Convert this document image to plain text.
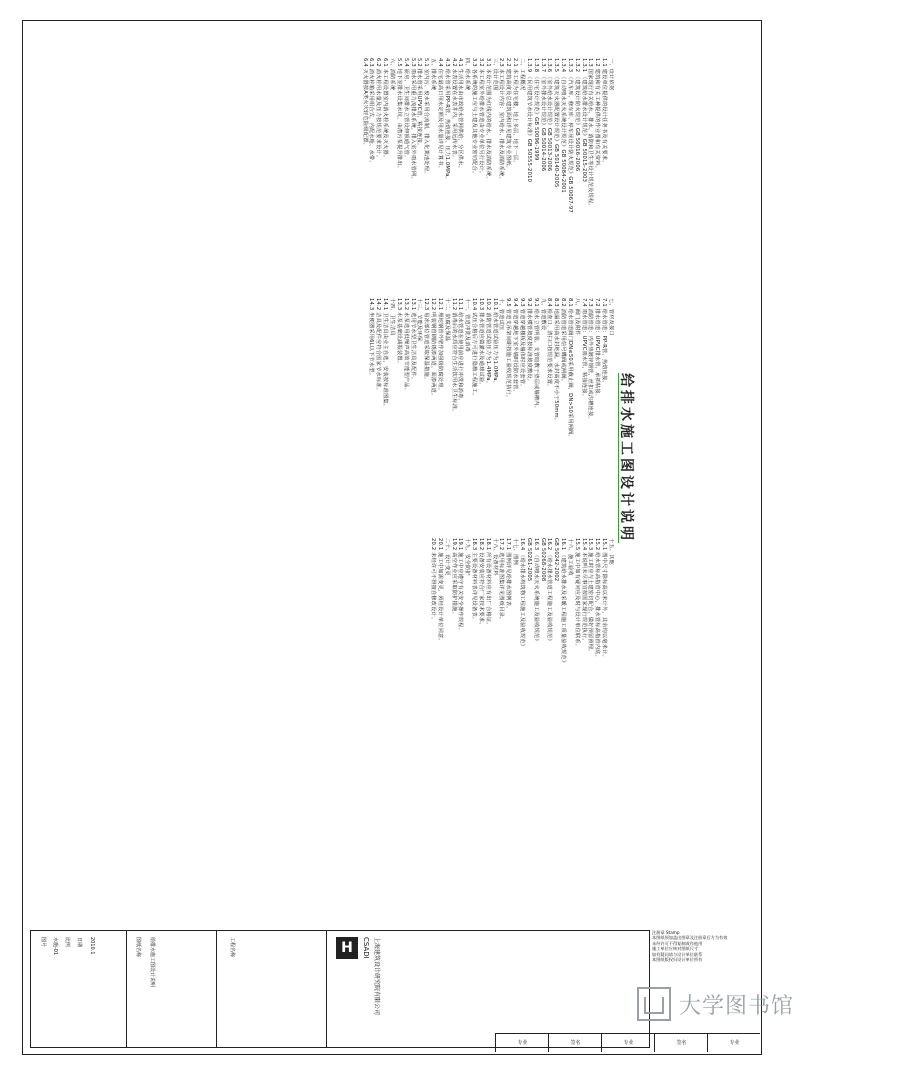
给排水施工图设计说明

一、设计依据

1.1 建设单位提供的设计任务书及有关要求。

1.2 建筑和有关工种提供的作业图和有关资料。

1.3 国家现行有关给水、排水、消防和卫生等设计规范及规程。

1.3.1 《建筑给水排水设计规范》GB 50015-2003

1.3.2 《建筑设计防火规范》GB 50016-2006

1.3.3 《汽车库、修车库、停车场设计防火规范》GB 50067-97

1.3.4 《自动喷水灭火系统设计规范》GB 50084-2001

1.3.5 《建筑灭火器配置设计规范》GB 50140-2005

1.3.6 《室外给水设计规范》GB 50013-2006

1.3.7 《室外排水设计规范》GB 50014-2006

1.3.8 《住宅设计规范》GB 50096-1999

1.3.9 《民用建筑节水设计标准》GB 50555-2010

二、工程概况

2.1 本工程为住宅楼，地上多层，地下一层。

2.2 建筑高度及总建筑面积详见建筑专业图纸。

2.3 本工程设计内容：室内给水、排水及消防系统。

三、设计范围

3.1 本设计范围为红线内的给水、排水及消防系统。

3.2 本工程室外给排水管道由专业单位另行设计。

3.3 各系统的施工应与土建及其他专业密切配合。

四、给水系统

4.1 生活用水由市政给水管网供给，分区供水。

4.2 水表设置在水表井内，采用远传水表。

4.3 给水管采用PP-R管，热熔连接，压力1.0MPa。

4.4 住宅最高日用水定额及用水量详见计算书。

五、排水系统

5.1 室内污、废水采用合流制，排入化粪池处理。

5.2 排水管采用UPVC管，粘接连接。

5.3 雨水采用重力流排水系统，排入室外雨水管网。

5.4 厨房、卫生间排水立管设伸顶通气管。

5.5 地下室排水设集水坑，由潜污泵提升排出。

六、消防系统

6.1 本工程设置室内消火栓系统及灭火器。

6.2 消火栓用水量及压力按规范要求设计。

6.3 消火栓箱采用组合式，内配水枪、水带。

6.4 灭火器按A类火灾轻危险级配置。

七、管材及接口

7.1 给水管道：PP-R管，热熔连接。

7.2 排水管道：UPVC排水管，承插粘接。

7.3 消防管道：内外热镀锌钢管，丝扣或沟槽连接。

7.4 雨水管道：UPVC雨水管，粘接连接。

八、阀门及附件

8.1 给水管道阀门DN≤50采用截止阀，DN>50采用闸阀。

8.2 消防管道采用信号蝶阀或闸阀。

8.3 地漏采用高水封地漏，水封高度不小于50mm。

8.4 检查口、清扫口按规范要求设置。

九、管道敷设

9.1 给水立管明装，支管暗敷于垫层或墙槽内。

9.2 排水横管坡度按标准坡度敷设。

9.3 管道穿越楼板及墙体时应设套管。

9.4 管道穿越地下室外墙时设防水套管。

9.5 管道支吊架间距按施工验收规范执行。

十、管道试压

10.1 给水管道试验压力为1.0MPa。

10.2 消防管道试验压力为1.4MPa。

10.3 排水管道应做灌水及通球试验。

10.4 试压合格后方可进行隐蔽工程施工。

十一、管道冲洗及消毒

11.1 给水管道在使用前应进行冲洗和消毒。

11.2 消毒后的水质应符合生活饮用水卫生标准。

十二、防腐及保温

12.1 埋地钢管外壁作加强级防腐处理。

12.2 明装钢管刷防锈漆两道，面漆两道。

12.3 易冻部位管道采取保温措施。

十三、节能及环保

13.1 选用节水型卫生洁具及配件。

13.2 水泵选用低噪声高效节能型产品。

13.3 水泵基础设减振装置。

十四、卫生洁具

14.1 卫生洁具由业主自选，安装按标准图集。

14.2 洁具及配件应符合国家节水标准。

14.3 坐便器采用6L以下节水型。

十五、其他

15.1 图中尺寸除标高以米计外，其余均以毫米计。

15.2 给水管标高指管中心，排水管标高指管内底。

15.3 施工时应与土建密切配合，做好预留预埋。

15.4 本说明未尽事宜按国家现行规范执行。

15.5 施工中如有疑问应及时与设计单位联系。

十六、施工验收

16.1 《建筑给水排水及采暖工程施工质量验收规范》

GB 50242-2002

16.2 《给水排水管道工程施工及验收规范》

GB 50268-2008

16.3 《自动喷水灭火系统施工及验收规范》

GB 50261-2005

16.4 《给水排水构筑物工程施工及验收规范》

十七、图例

17.1 图例详见给排水图例表。

17.2 选用标准图集详见图纸目录。

十八、设备材料

18.1 所有设备材料应有出厂合格证。

18.2 设备安装应符合厂家技术要求。

18.3 主要设备材料表详见设备表。

十九、安全防护

19.1 施工中应遵守有关安全操作规程。

19.2 高空作业应采取防护措施。

二十、设计变更

20.1 施工中如需变更，须经设计单位同意。

20.2 未经许可不得擅自修改设计。

注册章 Stamp

本图纸须加盖出图章及注册章后方为有效

未经许可不得复制或作他用

施工单位应核对图纸尺寸

如有疑问请与设计单位联系

本图纸版权归设计单位所有

图号 水施-01 比例 日期 2010.1	图纸名称 给排水施工图设计说明	工程名称	H	CSADI 上海建筑设计研究院有限公司
专业	签名	专业	签名	专业
大学图书馆
